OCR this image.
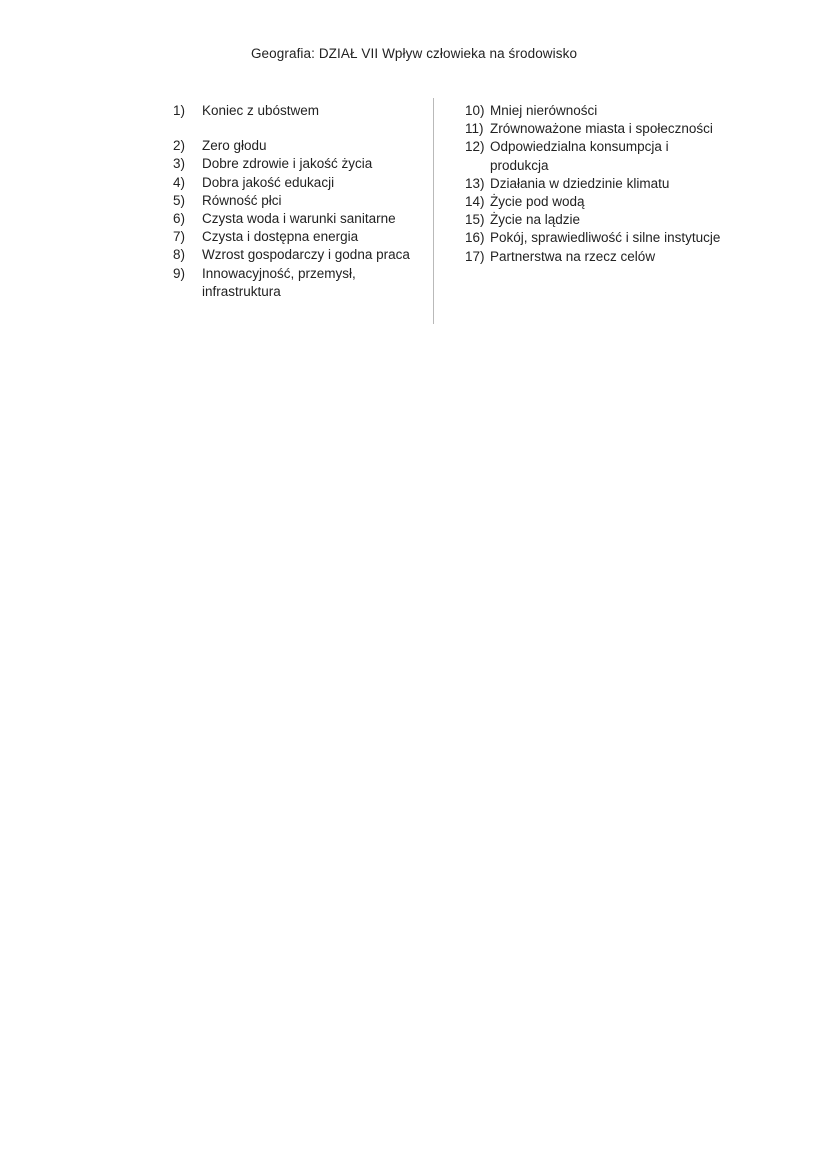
Geografia: DZIAŁ VII Wpływ człowieka na środowisko
1)	Koniec z ubóstwem
2)	Zero głodu
3)	Dobre zdrowie i jakość życia
4)	Dobra jakość edukacji
5)	Równość płci
6)	Czysta woda i warunki sanitarne
7)	Czysta i dostępna energia
8)	Wzrost gospodarczy i godna praca
9)	Innowacyjność, przemysł, infrastruktura
10) Mniej nierówności
11) Zrównoważone miasta i społeczności
12) Odpowiedzialna konsumpcja i produkcja
13) Działania w dziedzinie klimatu
14) Życie pod wodą
15) Życie na lądzie
16) Pokój, sprawiedliwość i silne instytucje
17) Partnerstwa na rzecz celów
